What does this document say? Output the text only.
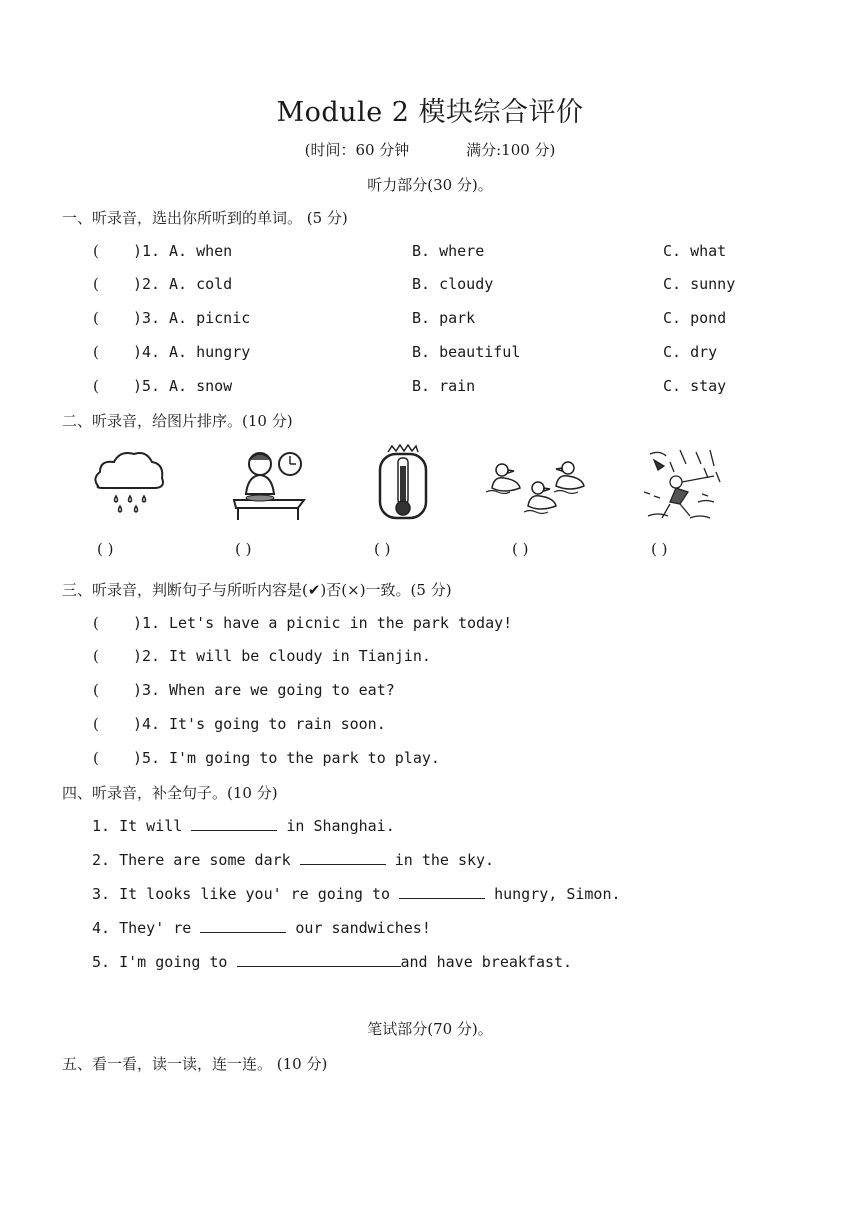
Module 2 模块综合评价
(时间：60 分钟	满分:100 分)
听力部分(30 分)。
一、听录音，选出你所听到的单词。 (5 分)
( )1. A. when	B. where	C. what
( )2. A. cold	B. cloudy	C. sunny
( )3. A. picnic	B. park	C. pond
( )4. A. hungry	B. beautiful	C. dry
( )5. A. snow	B. rain	C. stay
二、听录音，给图片排序。(10 分)
( )	( )	( )	( )	( )
三、听录音，判断句子与所听内容是(✔)否(×)一致。(5 分)
( )1. Let's have a picnic in the park today!
( )2. It will be cloudy in Tianjin.
( )3. When are we going to eat?
( )4. It's going to rain soon.
( )5. I'm going to the park to play.
四、听录音，补全句子。(10 分)
1. It will	in Shanghai.
2. There are some dark	in the sky.
3. It looks like you' re going to	hungry, Simon.
4. They' re	our sandwiches!
5. I'm going to	and have breakfast.
笔试部分(70 分)。
五、看一看，读一读，连一连。 (10 分)
